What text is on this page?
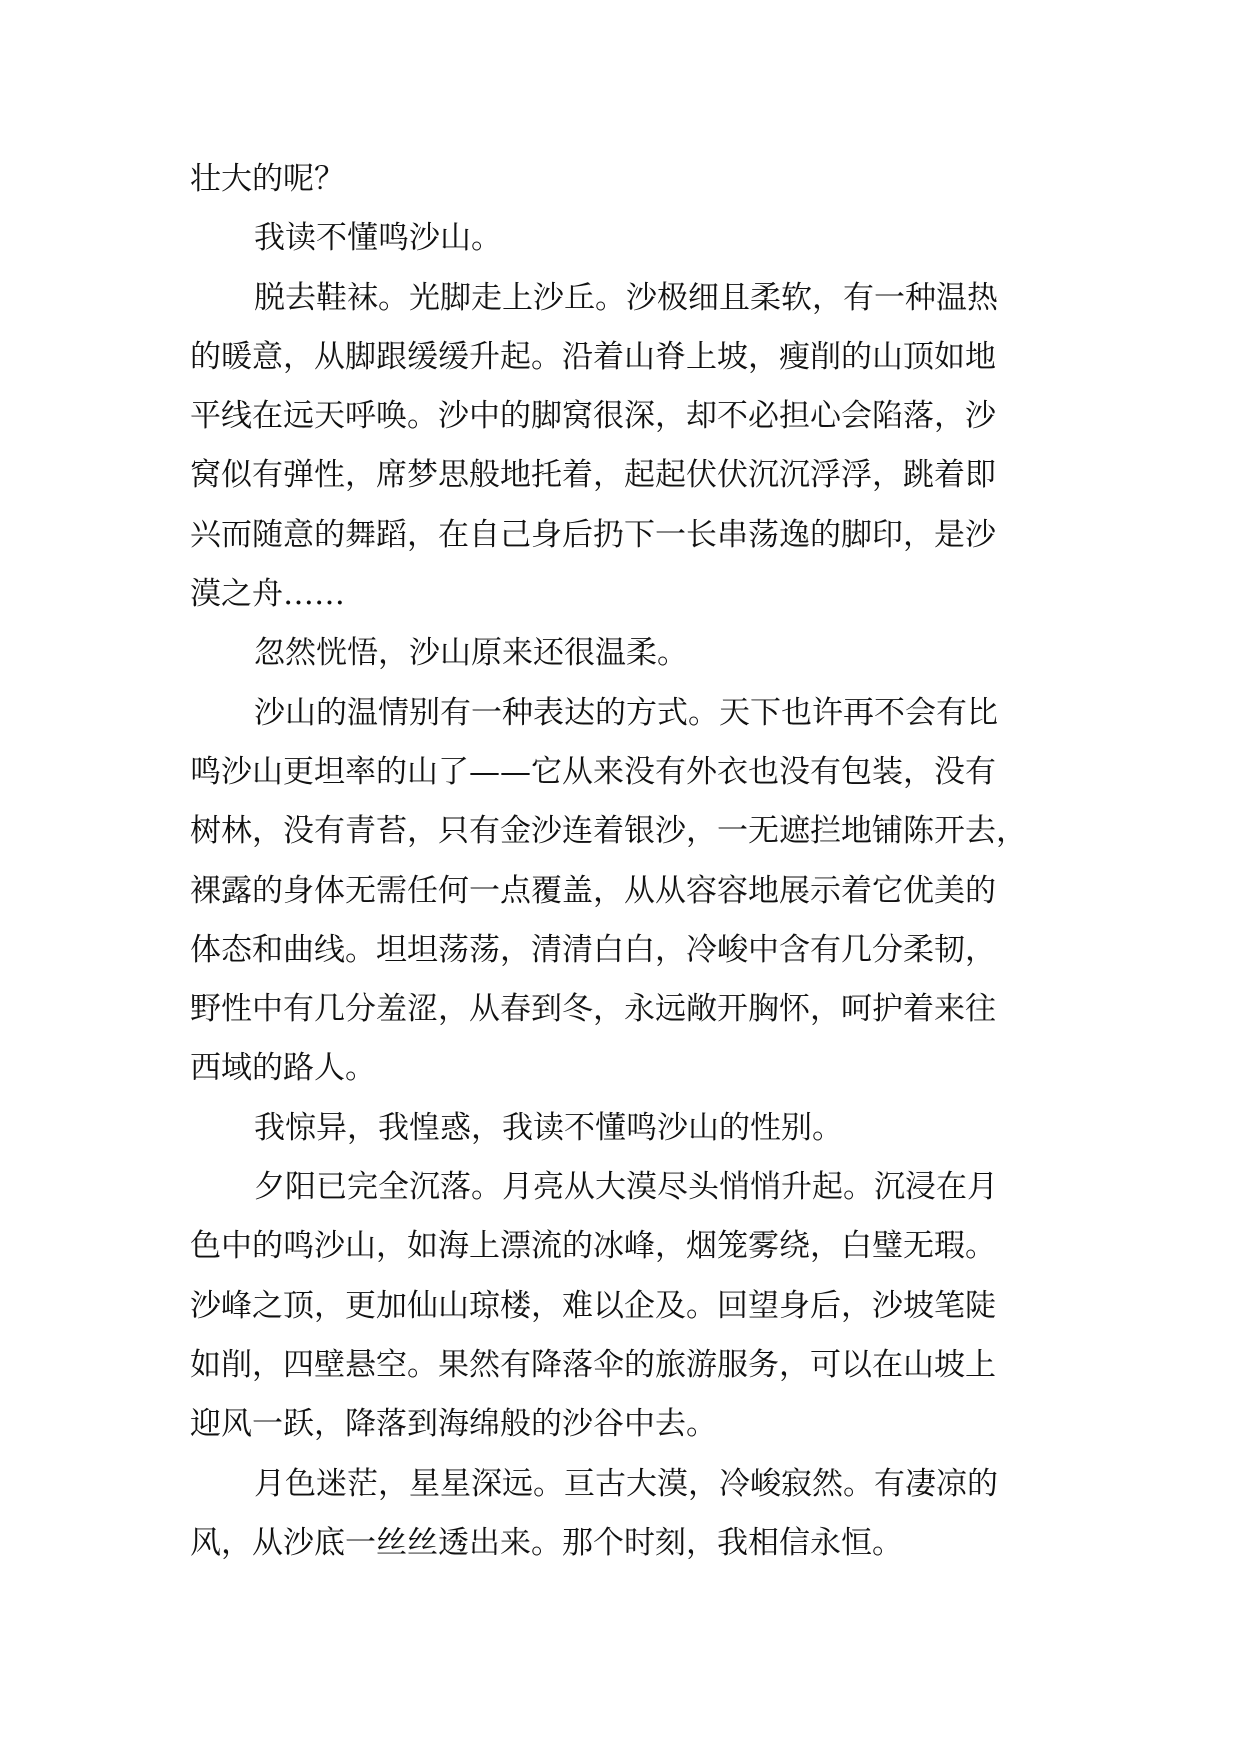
壮大的呢？
我读不懂鸣沙山。
脱去鞋袜。光脚走上沙丘。沙极细且柔软，有一种温热
的暖意，从脚跟缓缓升起。沿着山脊上坡，瘦削的山顶如地
平线在远天呼唤。沙中的脚窝很深，却不必担心会陷落，沙
窝似有弹性，席梦思般地托着，起起伏伏沉沉浮浮，跳着即
兴而随意的舞蹈，在自己身后扔下一长串荡逸的脚印，是沙
漠之舟……
忽然恍悟，沙山原来还很温柔。
沙山的温情别有一种表达的方式。天下也许再不会有比
鸣沙山更坦率的山了——它从来没有外衣也没有包装，没有
树林，没有青苔，只有金沙连着银沙，一无遮拦地铺陈开去，
裸露的身体无需任何一点覆盖，从从容容地展示着它优美的
体态和曲线。坦坦荡荡，清清白白，冷峻中含有几分柔韧，
野性中有几分羞涩，从春到冬，永远敞开胸怀，呵护着来往
西域的路人。
我惊异，我惶惑，我读不懂鸣沙山的性别。
夕阳已完全沉落。月亮从大漠尽头悄悄升起。沉浸在月
色中的鸣沙山，如海上漂流的冰峰，烟笼雾绕，白璧无瑕。
沙峰之顶，更加仙山琼楼，难以企及。回望身后，沙坡笔陡
如削，四壁悬空。果然有降落伞的旅游服务，可以在山坡上
迎风一跃，降落到海绵般的沙谷中去。
月色迷茫，星星深远。亘古大漠，冷峻寂然。有凄凉的
风，从沙底一丝丝透出来。那个时刻，我相信永恒。
